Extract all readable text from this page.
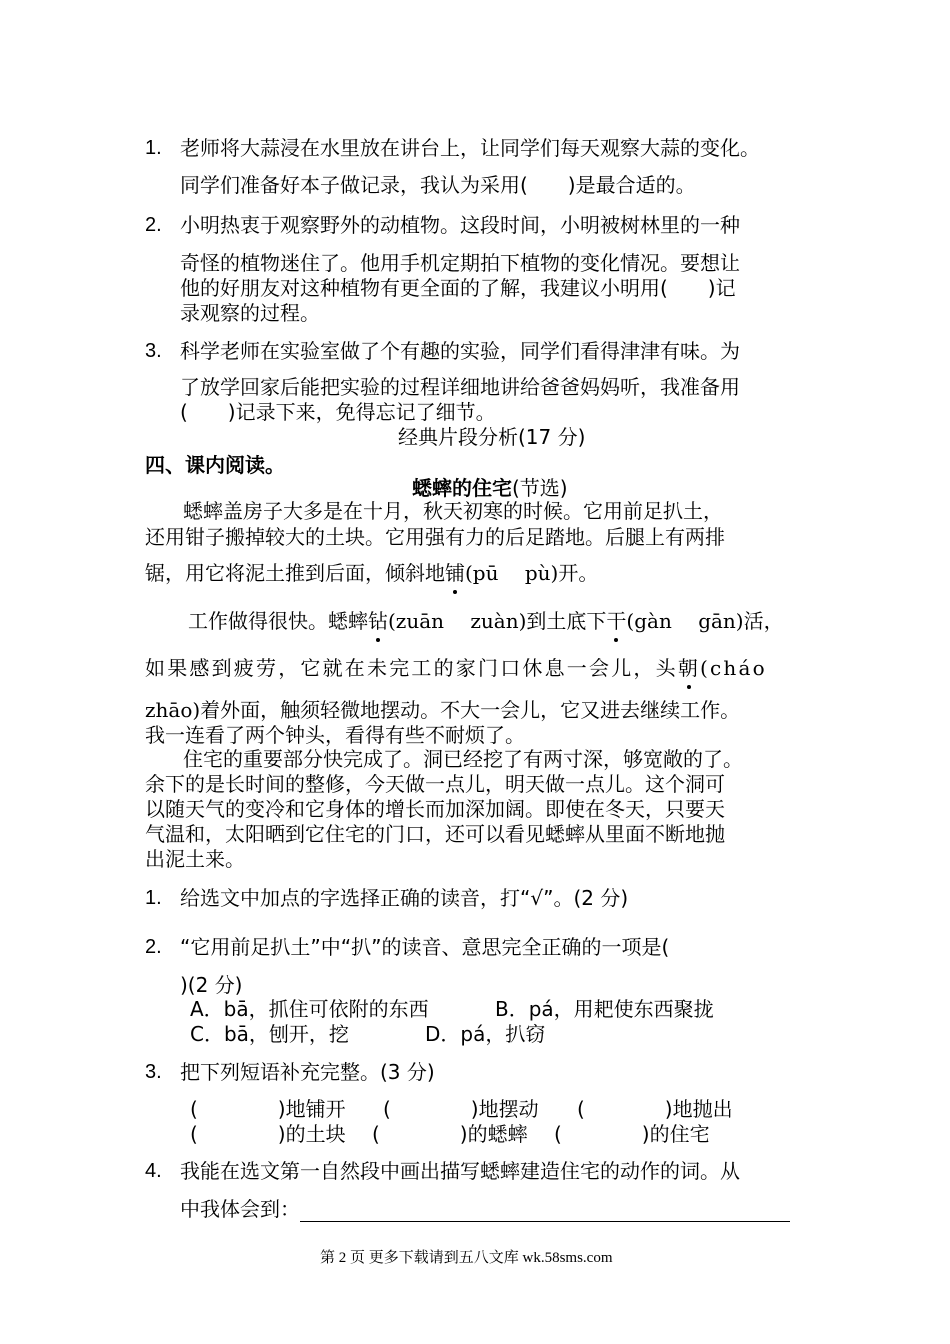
1. 老师将大蒜浸在水里放在讲台上，让同学们每天观察大蒜的变化。
同学们准备好本子做记录，我认为采用(　　)是最合适的。
2. 小明热衷于观察野外的动植物。这段时间，小明被树林里的一种
奇怪的植物迷住了。他用手机定期拍下植物的变化情况。要想让
他的好朋友对这种植物有更全面的了解，我建议小明用(　　)记
录观察的过程。
3. 科学老师在实验室做了个有趣的实验，同学们看得津津有味。为
了放学回家后能把实验的过程详细地讲给爸爸妈妈听，我准备用
(　　)记录下来，免得忘记了细节。
经典片段分析(17 分)
四、课内阅读。
蟋蟀的住宅(节选)
蟋蟀盖房子大多是在十月，秋天初寒的时候。它用前足扒土，
还用钳子搬掉较大的土块。它用强有力的后足踏地。后腿上有两排
锯，用它将泥土推到后面，倾斜地铺(pū　 pù)开。
工作做得很快。蟋蟀钻(zuān　 zuàn)到土底下干(gàn　 gān)活，
如果感到疲劳，它就在未完工的家门口休息一会儿，头朝(cháo
zhāo)着外面，触须轻微地摆动。不大一会儿，它又进去继续工作。
我一连看了两个钟头，看得有些不耐烦了。
住宅的重要部分快完成了。洞已经挖了有两寸深，够宽敞的了。
余下的是长时间的整修，今天做一点儿，明天做一点儿。这个洞可
以随天气的变冷和它身体的增长而加深加阔。即使在冬天，只要天
气温和，太阳晒到它住宅的门口，还可以看见蟋蟀从里面不断地抛
出泥土来。
1. 给选文中加点的字选择正确的读音，打“√”。(2 分)
2. “它用前足扒土”中“扒”的读音、意思完全正确的一项是(
)(2 分)
A．bā，抓住可依附的东西	B．pá，用耙使东西聚拢
C．bā，刨开，挖	D．pá，扒窃
3. 把下列短语补充完整。(3 分)
(　　　　)地铺开 (　　　　)地摆动 (　　　　)地抛出
(　　　　)的土块 (　　　　)的蟋蟀 (　　　　)的住宅
4. 我能在选文第一自然段中画出描写蟋蟀建造住宅的动作的词。从
中我体会到：
第 2 页 更多下载请到五八文库 wk.58sms.com
